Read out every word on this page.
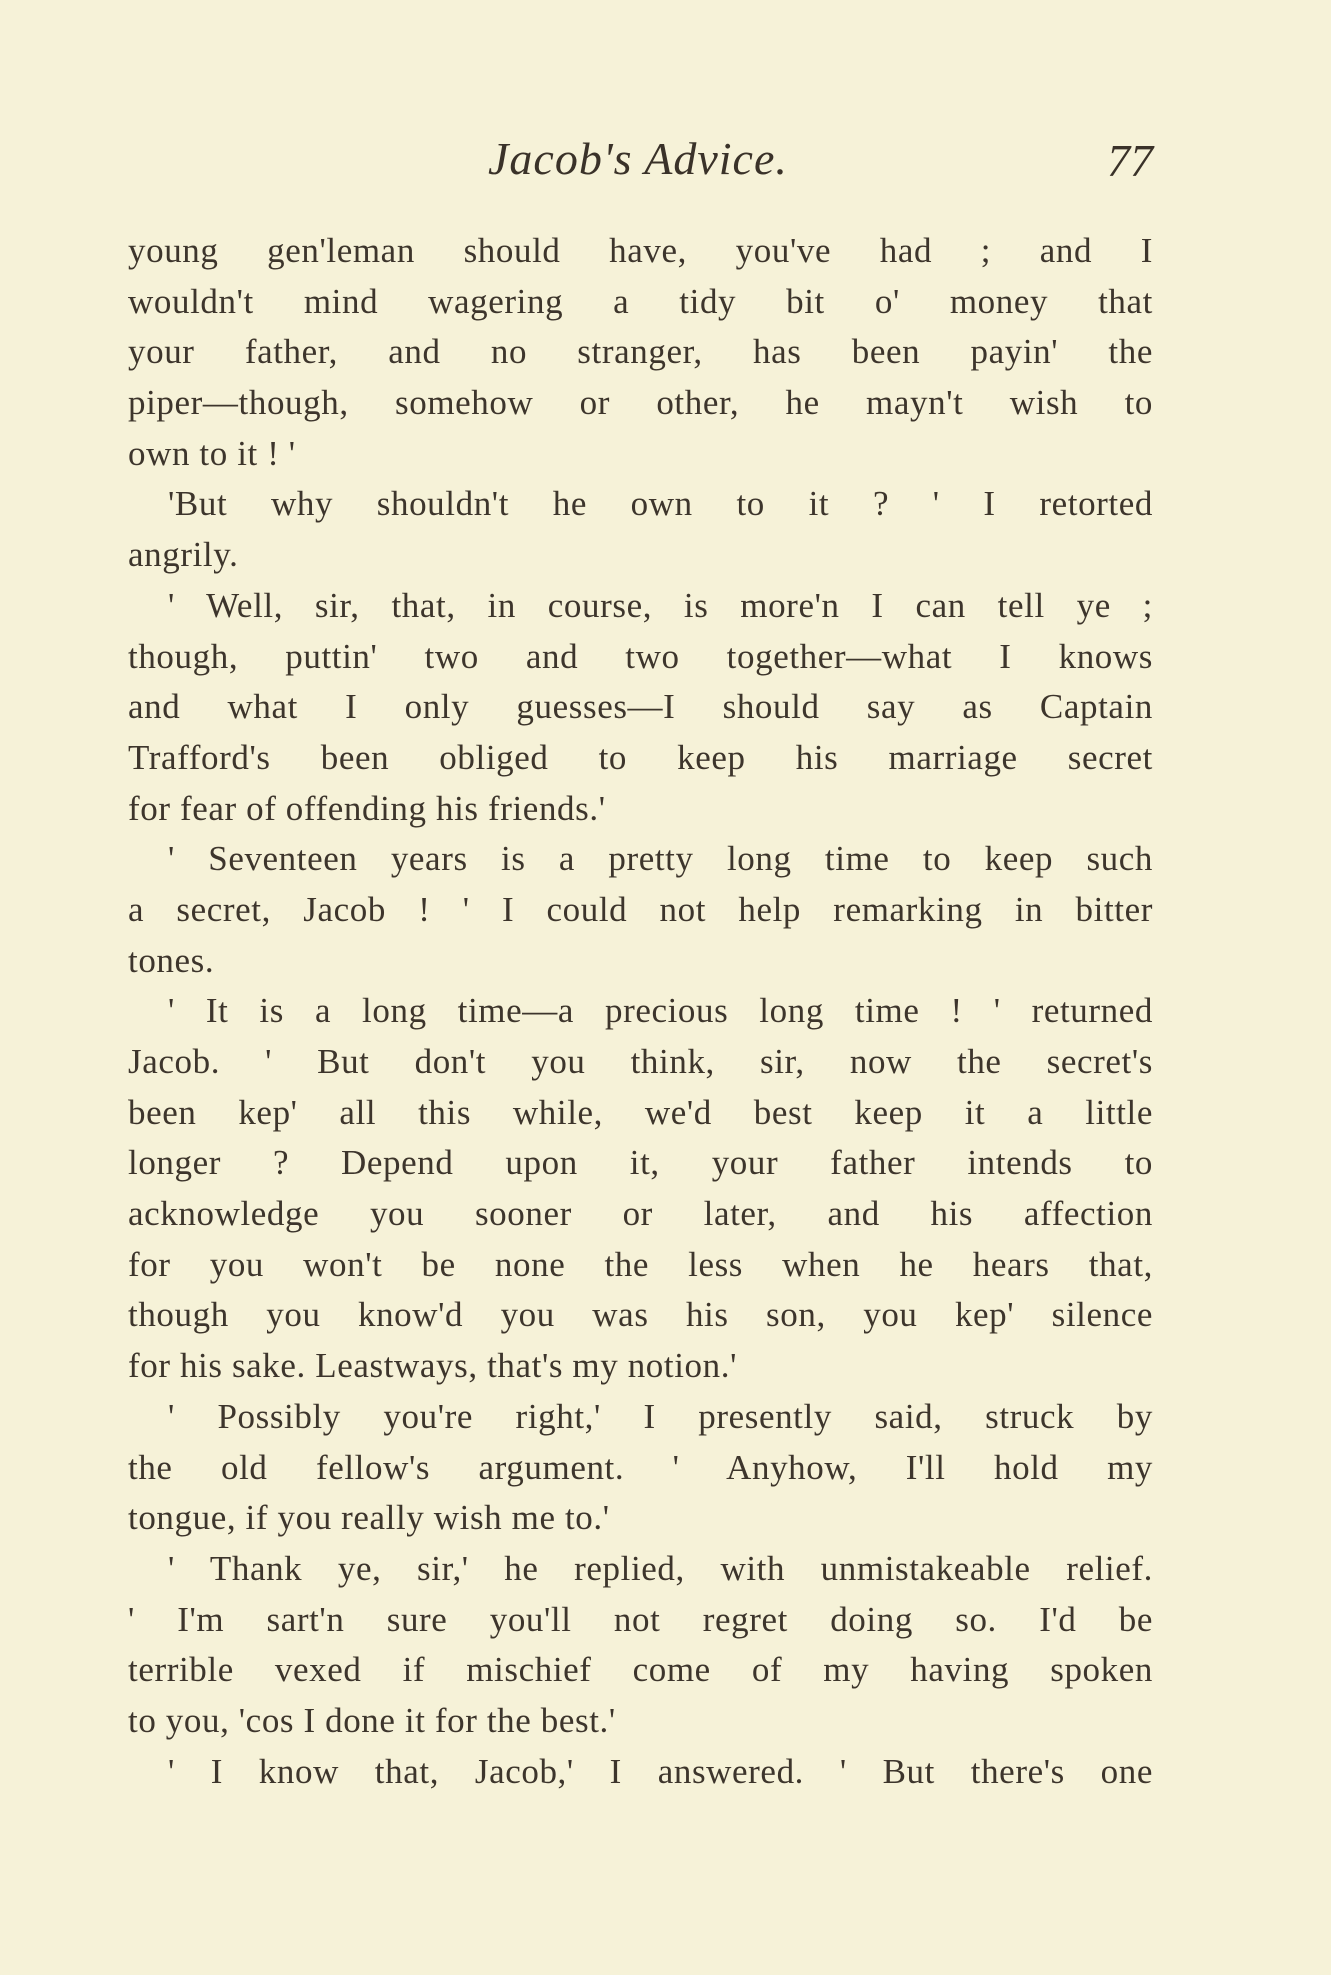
Jacob's Advice.	77
young gen'leman should have, you've had ; and I
wouldn't mind wagering a tidy bit o' money that
your father, and no stranger, has been payin' the
piper—though, somehow or other, he mayn't wish to
own to it ! '
'But why shouldn't he own to it ? ' I retorted
angrily.
' Well, sir, that, in course, is more'n I can tell ye ;
though, puttin' two and two together—what I knows
and what I only guesses—I should say as Captain
Trafford's been obliged to keep his marriage secret
for fear of offending his friends.'
' Seventeen years is a pretty long time to keep such
a secret, Jacob ! ' I could not help remarking in bitter
tones.
' It is a long time—a precious long time ! ' returned
Jacob. ' But don't you think, sir, now the secret's
been kep' all this while, we'd best keep it a little
longer ? Depend upon it, your father intends to
acknowledge you sooner or later, and his affection
for you won't be none the less when he hears that,
though you know'd you was his son, you kep' silence
for his sake. Leastways, that's my notion.'
' Possibly you're right,' I presently said, struck by
the old fellow's argument. ' Anyhow, I'll hold my
tongue, if you really wish me to.'
' Thank ye, sir,' he replied, with unmistakeable relief.
' I'm sart'n sure you'll not regret doing so. I'd be
terrible vexed if mischief come of my having spoken
to you, 'cos I done it for the best.'
' I know that, Jacob,' I answered. ' But there's one
